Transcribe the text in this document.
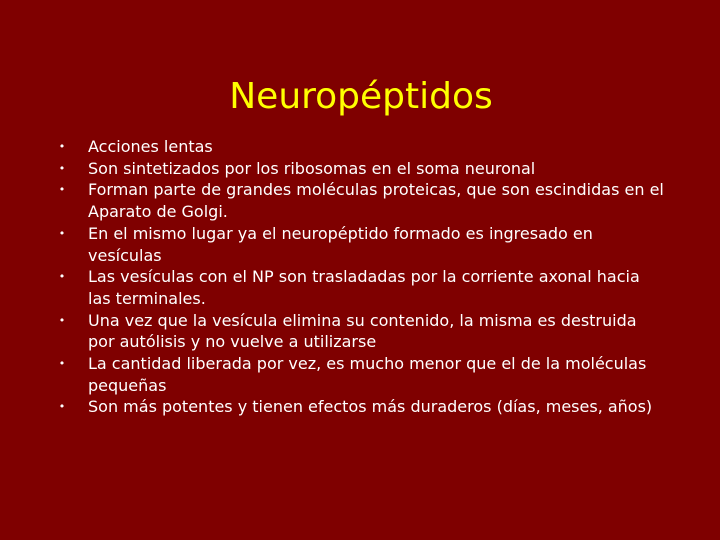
Neuropéptidos
• Acciones lentas
• Son sintetizados por los ribosomas en el soma neuronal
• Forman parte de grandes moléculas proteicas, que son escindidas en el Aparato de Golgi.
• En el mismo lugar ya el neuropéptido formado es ingresado en vesículas
• Las vesículas con el NP son trasladadas por la corriente axonal hacia las terminales.
• Una vez que la vesícula elimina su contenido, la misma es destruida por autólisis y no vuelve a utilizarse
• La cantidad liberada por vez, es mucho menor que el de la moléculas pequeñas
• Son más potentes y tienen efectos más duraderos (días, meses, años)
